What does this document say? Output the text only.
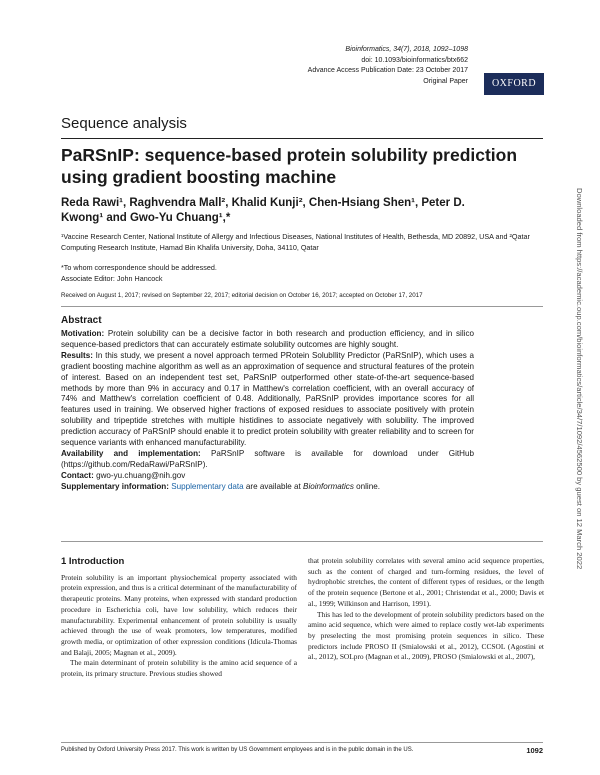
Bioinformatics, 34(7), 2018, 1092–1098
doi: 10.1093/bioinformatics/btx662
Advance Access Publication Date: 23 October 2017
Original Paper	OXFORD
Sequence analysis
PaRSnIP: sequence-based protein solubility prediction using gradient boosting machine
Reda Rawi¹, Raghvendra Mall², Khalid Kunji², Chen-Hsiang Shen¹, Peter D. Kwong¹ and Gwo-Yu Chuang¹,*
¹Vaccine Research Center, National Institute of Allergy and Infectious Diseases, National Institutes of Health, Bethesda, MD 20892, USA and ²Qatar Computing Research Institute, Hamad Bin Khalifa University, Doha, 34110, Qatar
*To whom correspondence should be addressed.
Associate Editor: John Hancock
Received on August 1, 2017; revised on September 22, 2017; editorial decision on October 16, 2017; accepted on October 17, 2017
Abstract

Motivation: Protein solubility can be a decisive factor in both research and production efficiency, and in silico sequence-based predictors that can accurately estimate solubility outcomes are highly sought.

Results: In this study, we present a novel approach termed PRotein SolubIlity Predictor (PaRSnIP), which uses a gradient boosting machine algorithm as well as an approximation of sequence and structural features of the protein of interest. Based on an independent test set, PaRSnIP outperformed other state-of-the-art sequence-based methods by more than 9% in accuracy and 0.17 in Matthew's correlation coefficient, with an overall accuracy of 74% and Matthew's correlation coefficient of 0.48. Additionally, PaRSnIP provides importance scores for all features used in training. We observed higher fractions of exposed residues to associate positively with protein solubility and tripeptide stretches with multiple histidines to associate negatively with solubility. The improved prediction accuracy of PaRSnIP should enable it to predict protein solubility with greater reliability and to screen for sequence variants with enhanced manufacturability.

Availability and implementation: PaRSnIP software is available for download under GitHub (https://github.com/RedaRawi/PaRSnIP).

Contact: gwo-yu.chuang@nih.gov

Supplementary information: Supplementary data are available at Bioinformatics online.

1 Introduction

Protein solubility is an important physiochemical property associated with protein expression, and thus is a critical determinant of the manufacturability of therapeutic proteins. Many proteins, when expressed with standard production procedure in Escherichia coli, have low solubility, which reduces their manufacturability. Experimental enhancement of protein solubility is usually achieved through the use of weak promoters, low temperatures, modified growth media, or optimization of other expression conditions (Idicula-Thomas and Balaji, 2005; Magnan et al., 2009).

The main determinant of protein solubility is the amino acid sequence of a protein, its primary structure. Previous studies showed

that protein solubility correlates with several amino acid sequence properties, such as the content of charged and turn-forming residues, the level of hydrophobic stretches, the content of different types of residues, or the length of the protein sequence (Bertone et al., 2001; Christendat et al., 2000; Davis et al., 1999; Wilkinson and Harrison, 1991).

This has led to the development of protein solubility predictors based on the amino acid sequence, which were aimed to replace costly wet-lab experiments by preselecting the most promising protein sequences in silico. These predictors include PROSO II (Smialowski et al., 2012), CCSOL (Agostini et al., 2012), SOLpro (Magnan et al., 2009), PROSO (Smialowski et al., 2007),

Published by Oxford University Press 2017. This work is written by US Government employees and is in the public domain in the US.	1092
Downloaded from https://academic.oup.com/bioinformatics/article/34/7/1092/4562500 by guest on 12 March 2022
